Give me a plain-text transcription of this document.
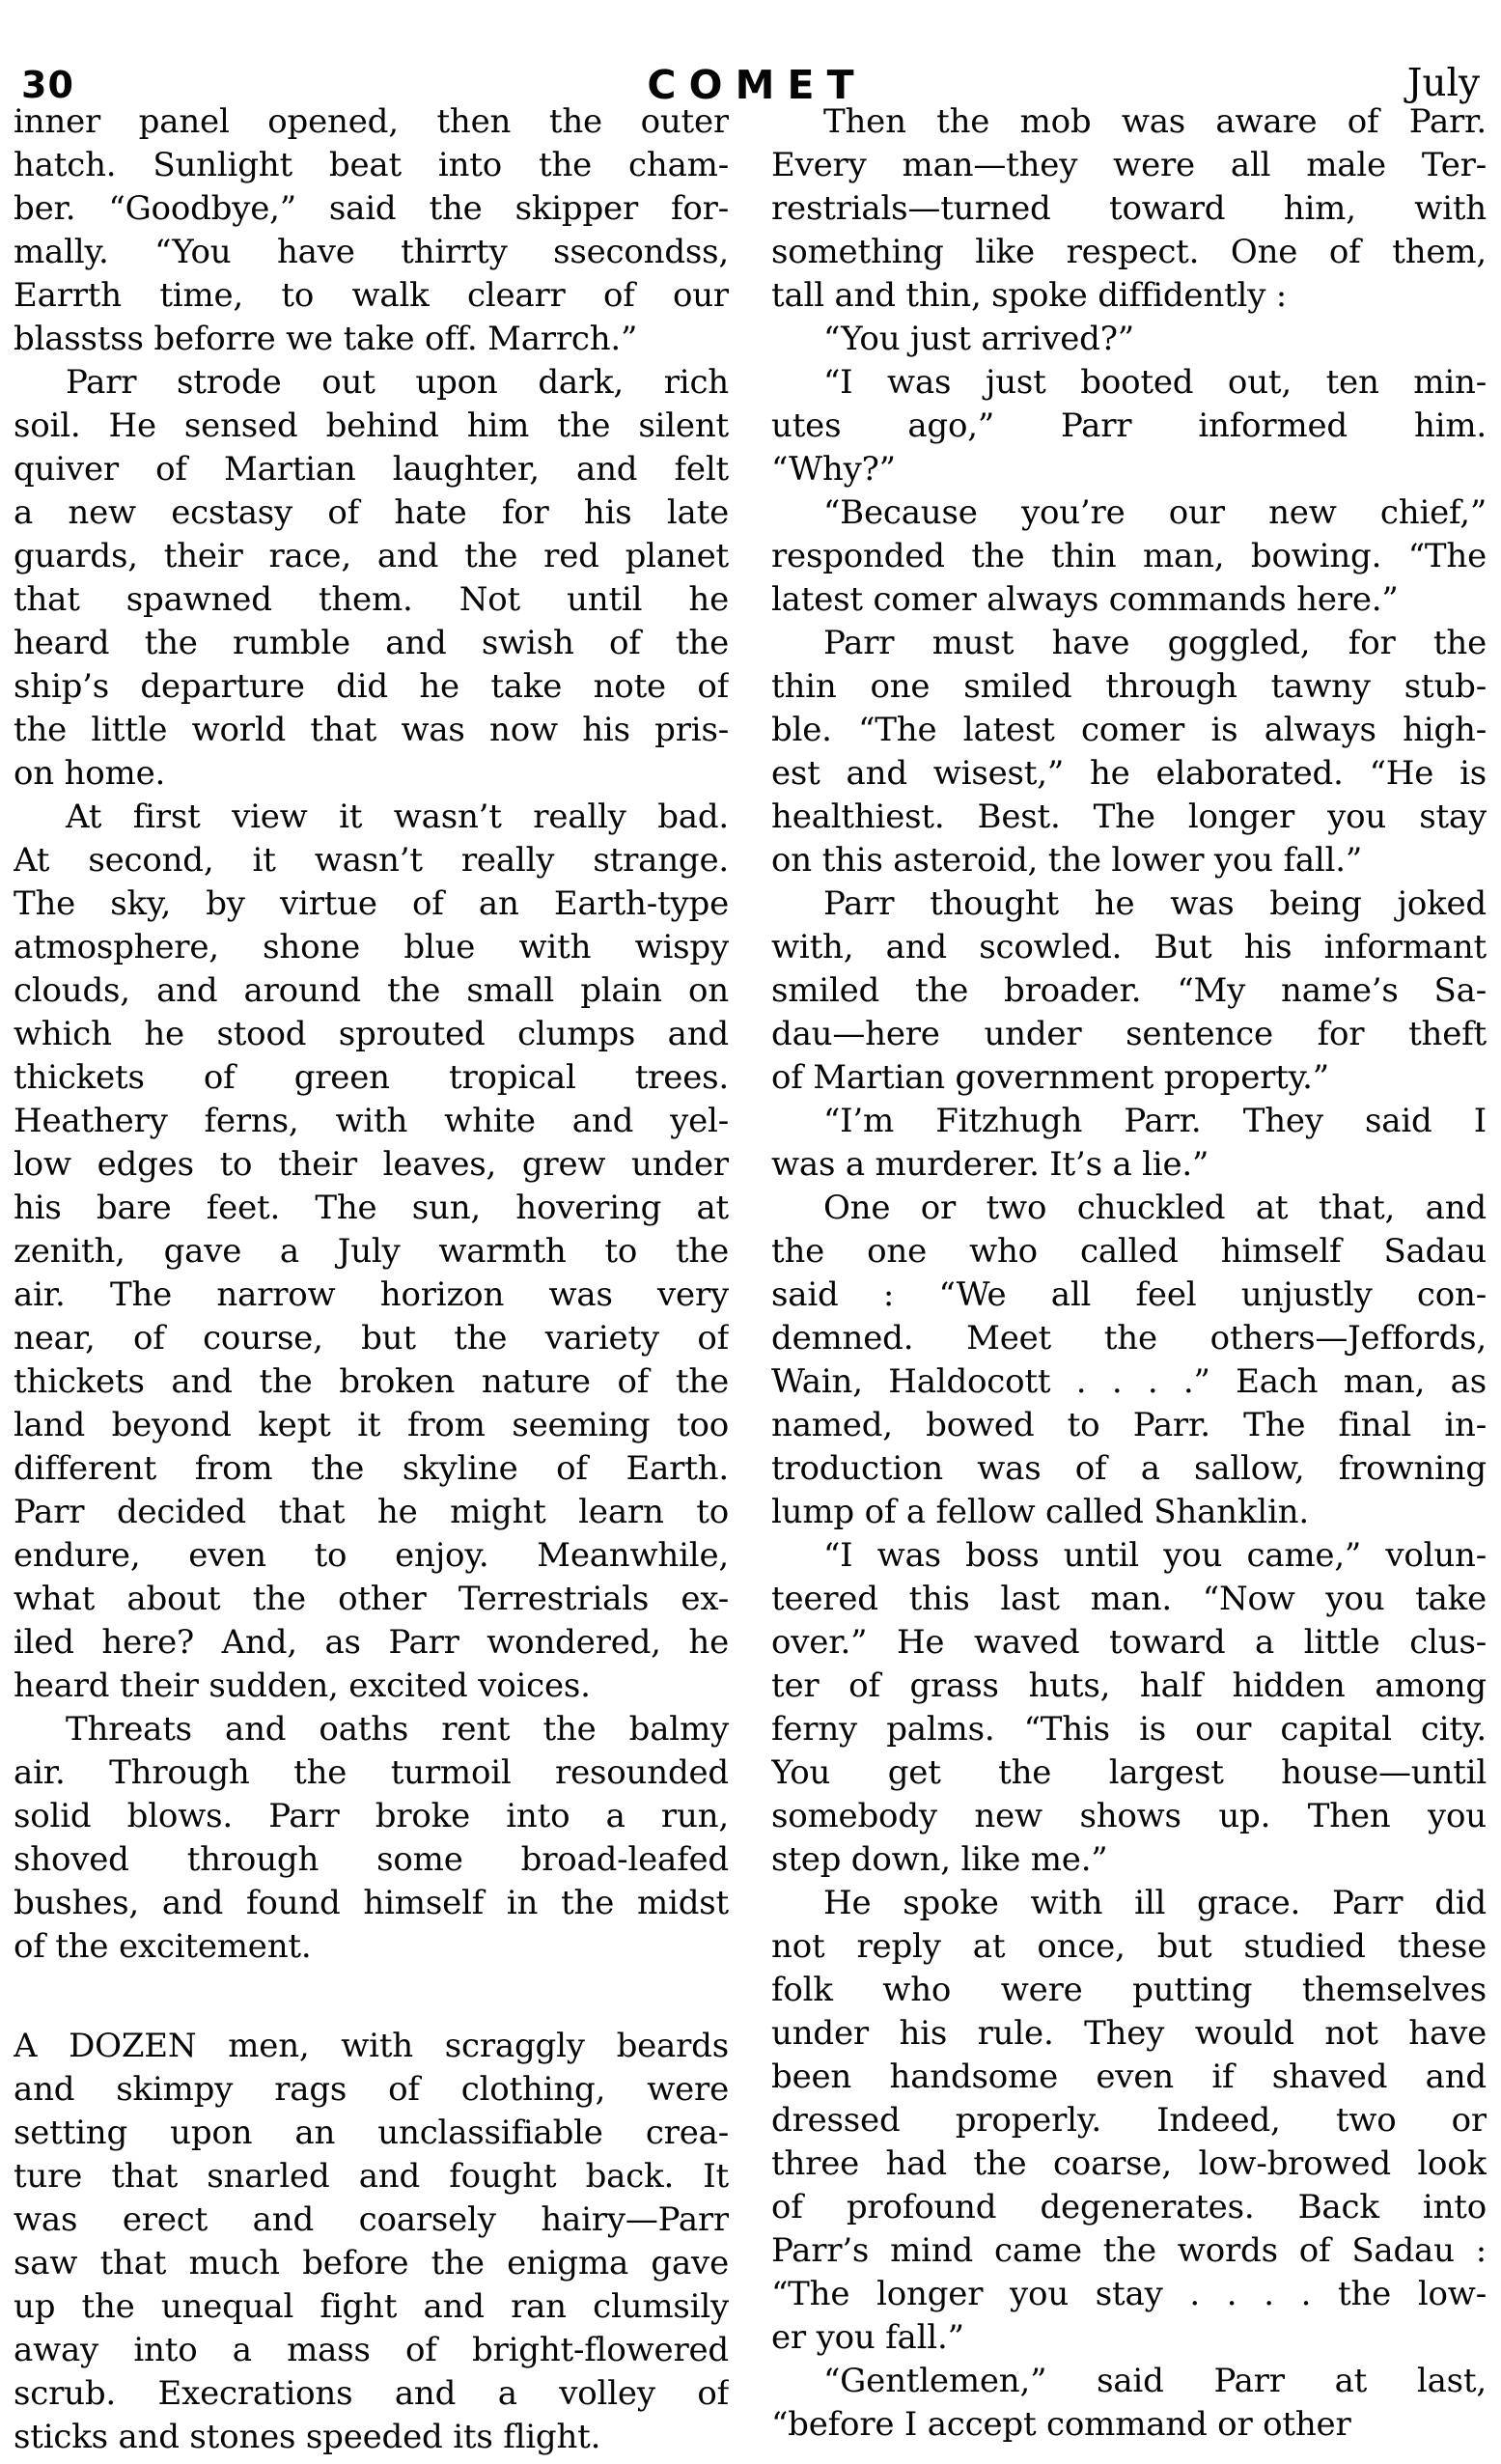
30	COMET	July

inner panel opened, then the outer
hatch. Sunlight beat into the cham-
ber. “Goodbye,” said the skipper for-
mally. “You have thirrty ssecondss,
Earrth time, to walk clearr of our
blasstss beforre we take off. Marrch.”

Parr strode out upon dark, rich
soil. He sensed behind him the silent
quiver of Martian laughter, and felt
a new ecstasy of hate for his late
guards, their race, and the red planet
that spawned them. Not until he
heard the rumble and swish of the
ship’s departure did he take note of
the little world that was now his pris-
on home.

At first view it wasn’t really bad.
At second, it wasn’t really strange.
The sky, by virtue of an Earth-type
atmosphere, shone blue with wispy
clouds, and around the small plain on
which he stood sprouted clumps and
thickets of green tropical trees.
Heathery ferns, with white and yel-
low edges to their leaves, grew under
his bare feet. The sun, hovering at
zenith, gave a July warmth to the
air. The narrow horizon was very
near, of course, but the variety of
thickets and the broken nature of the
land beyond kept it from seeming too
different from the skyline of Earth.
Parr decided that he might learn to
endure, even to enjoy. Meanwhile,
what about the other Terrestrials ex-
iled here? And, as Parr wondered, he
heard their sudden, excited voices.

Threats and oaths rent the balmy
air. Through the turmoil resounded
solid blows. Parr broke into a run,
shoved through some broad-leafed
bushes, and found himself in the midst
of the excitement.

A DOZEN men, with scraggly beards
and skimpy rags of clothing, were
setting upon an unclassifiable crea-
ture that snarled and fought back. It
was erect and coarsely hairy—Parr
saw that much before the enigma gave
up the unequal fight and ran clumsily
away into a mass of bright-flowered
scrub. Execrations and a volley of
sticks and stones speeded its flight.

Then the mob was aware of Parr.
Every man—they were all male Ter-
restrials—turned toward him, with
something like respect. One of them,
tall and thin, spoke diffidently :

“You just arrived?”

“I was just booted out, ten min-
utes ago,” Parr informed him.
“Why?”

“Because you’re our new chief,”
responded the thin man, bowing. “The
latest comer always commands here.”

Parr must have goggled, for the
thin one smiled through tawny stub-
ble. “The latest comer is always high-
est and wisest,” he elaborated. “He is
healthiest. Best. The longer you stay
on this asteroid, the lower you fall.”

Parr thought he was being joked
with, and scowled. But his informant
smiled the broader. “My name’s Sa-
dau—here under sentence for theft
of Martian government property.”

“I’m Fitzhugh Parr. They said I
was a murderer. It’s a lie.”

One or two chuckled at that, and
the one who called himself Sadau
said : “We all feel unjustly con-
demned. Meet the others—Jeffords,
Wain, Haldocott . . . .” Each man, as
named, bowed to Parr. The final in-
troduction was of a sallow, frowning
lump of a fellow called Shanklin.

“I was boss until you came,” volun-
teered this last man. “Now you take
over.” He waved toward a little clus-
ter of grass huts, half hidden among
ferny palms. “This is our capital city.
You get the largest house—until
somebody new shows up. Then you
step down, like me.”

He spoke with ill grace. Parr did
not reply at once, but studied these
folk who were putting themselves
under his rule. They would not have
been handsome even if shaved and
dressed properly. Indeed, two or
three had the coarse, low-browed look
of profound degenerates. Back into
Parr’s mind came the words of Sadau :
“The longer you stay . . . . the low-
er you fall.”

“Gentlemen,” said Parr at last,
“before I accept command or other
